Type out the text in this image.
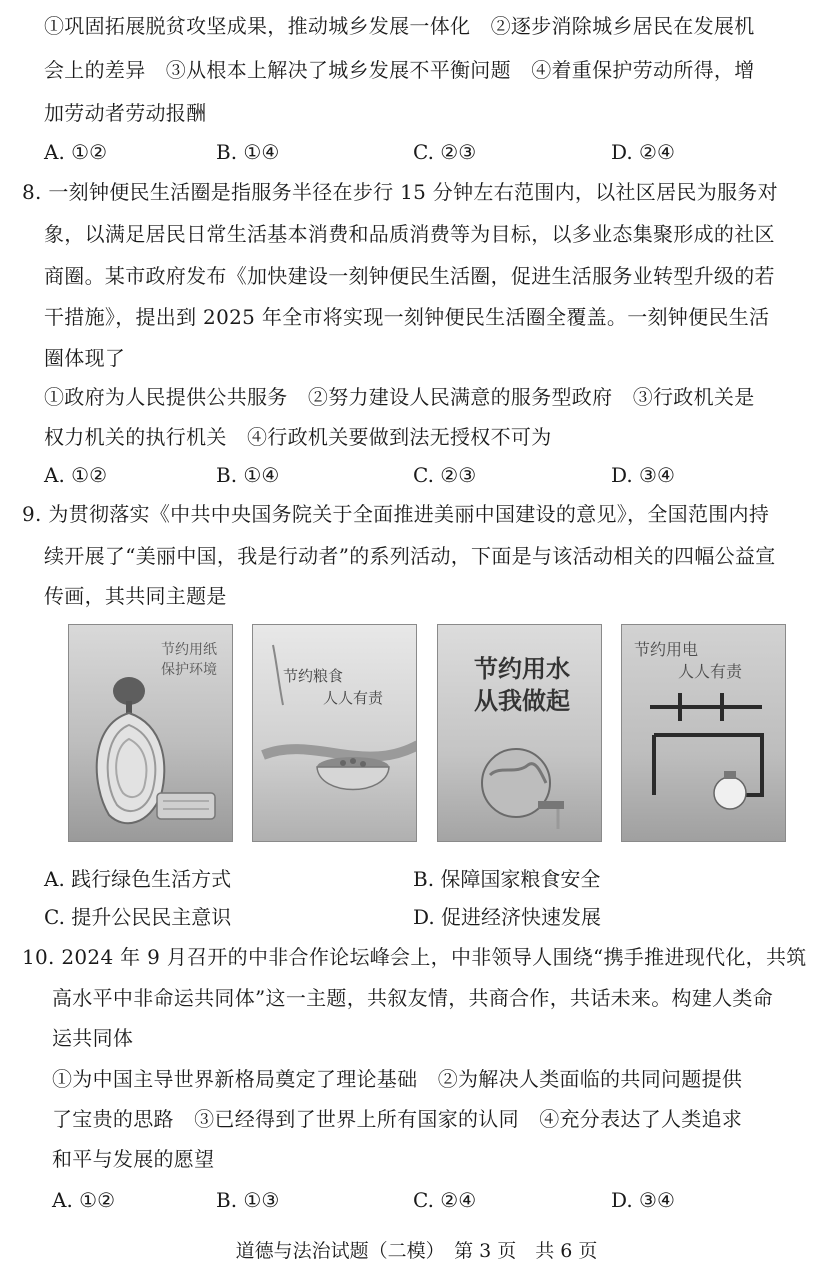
①巩固拓展脱贫攻坚成果，推动城乡发展一体化　②逐步消除城乡居民在发展机
会上的差异　③从根本上解决了城乡发展不平衡问题　④着重保护劳动所得，增
加劳动者劳动报酬
A. ①②	B. ①④	C. ②③	D. ②④
8. 一刻钟便民生活圈是指服务半径在步行 15 分钟左右范围内，以社区居民为服务对
象，以满足居民日常生活基本消费和品质消费等为目标，以多业态集聚形成的社区
商圈。某市政府发布《加快建设一刻钟便民生活圈，促进生活服务业转型升级的若
干措施》，提出到 2025 年全市将实现一刻钟便民生活圈全覆盖。一刻钟便民生活
圈体现了
①政府为人民提供公共服务　②努力建设人民满意的服务型政府　③行政机关是
权力机关的执行机关　④行政机关要做到法无授权不可为
A. ①②	B. ①④	C. ②③	D. ③④
9. 为贯彻落实《中共中央国务院关于全面推进美丽中国建设的意见》，全国范围内持
续开展了“美丽中国，我是行动者”的系列活动，下面是与该活动相关的四幅公益宣
传画，其共同主题是
节约用纸
保护环境	节约粮食
人人有责
节约用水
从我做起
节约用电
人人有责
A. 践行绿色生活方式	B. 保障国家粮食安全
C. 提升公民民主意识	D. 促进经济快速发展
10. 2024 年 9 月召开的中非合作论坛峰会上，中非领导人围绕“携手推进现代化，共筑
高水平中非命运共同体”这一主题，共叙友情，共商合作，共话未来。构建人类命
运共同体
①为中国主导世界新格局奠定了理论基础　②为解决人类面临的共同问题提供
了宝贵的思路　③已经得到了世界上所有国家的认同　④充分表达了人类追求
和平与发展的愿望
A. ①②	B. ①③	C. ②④	D. ③④
道德与法治试题（二模）　第 3 页　共 6 页
